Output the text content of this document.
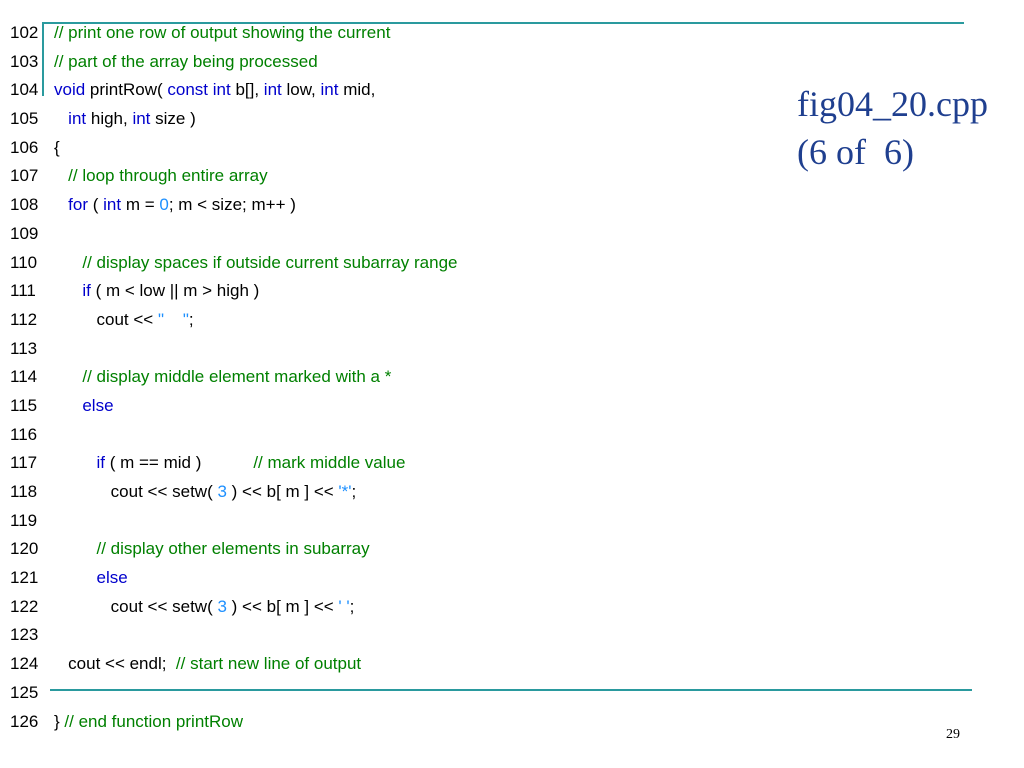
102 // print one row of output showing the current
103 // part of the array being processed
104 void printRow( const int b[], int low, int mid,
105	int high, int size )
106 {
107	// loop through entire array
108	for ( int m = 0; m < size; m++ )
109
110	// display spaces if outside current subarray range
111	if ( m < low || m > high )
112 cout << "    ";
113
114	// display middle element marked with a *
115	else
116
117	if ( m == mid )           // mark middle value
118 cout << setw( 3 ) << b[ m ] << '*';
119
120	// display other elements in subarray
121	else
122 cout << setw( 3 ) << b[ m ] << ' ';
123
124 cout << endl;  // start new line of output
125
126 } // end function printRow
fig04_20.cpp
(6 of  6)
29
